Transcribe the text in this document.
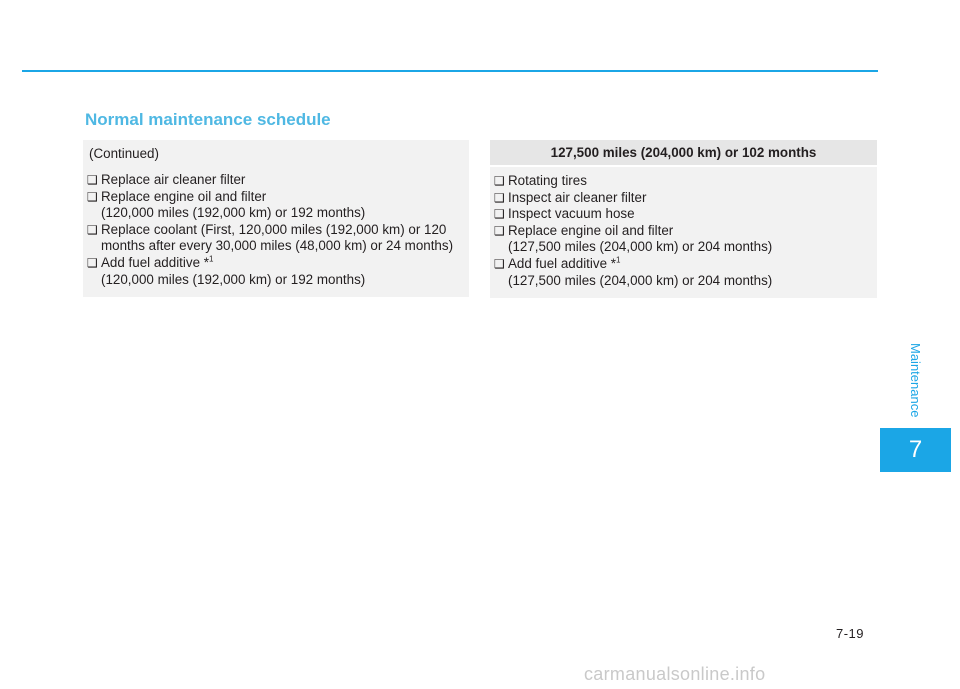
Normal maintenance schedule
(Continued)
❑ Replace air cleaner filter
❑ Replace engine oil and filter
(120,000 miles (192,000 km) or 192 months)
❑ Replace coolant (First, 120,000 miles (192,000 km) or 120
months after every 30,000 miles (48,000 km) or 24 months)
❑ Add fuel additive *$^1$
(120,000 miles (192,000 km) or 192 months)
127,500 miles (204,000 km) or 102 months
❑ Rotating tires
❑ Inspect air cleaner filter
❑ Inspect vacuum hose
❑ Replace engine oil and filter
(127,500 miles (204,000 km) or 204 months)
❑ Add fuel additive *$^1$
(127,500 miles (204,000 km) or 204 months)
Maintenance
7
7-19
carmanualsonline.info
